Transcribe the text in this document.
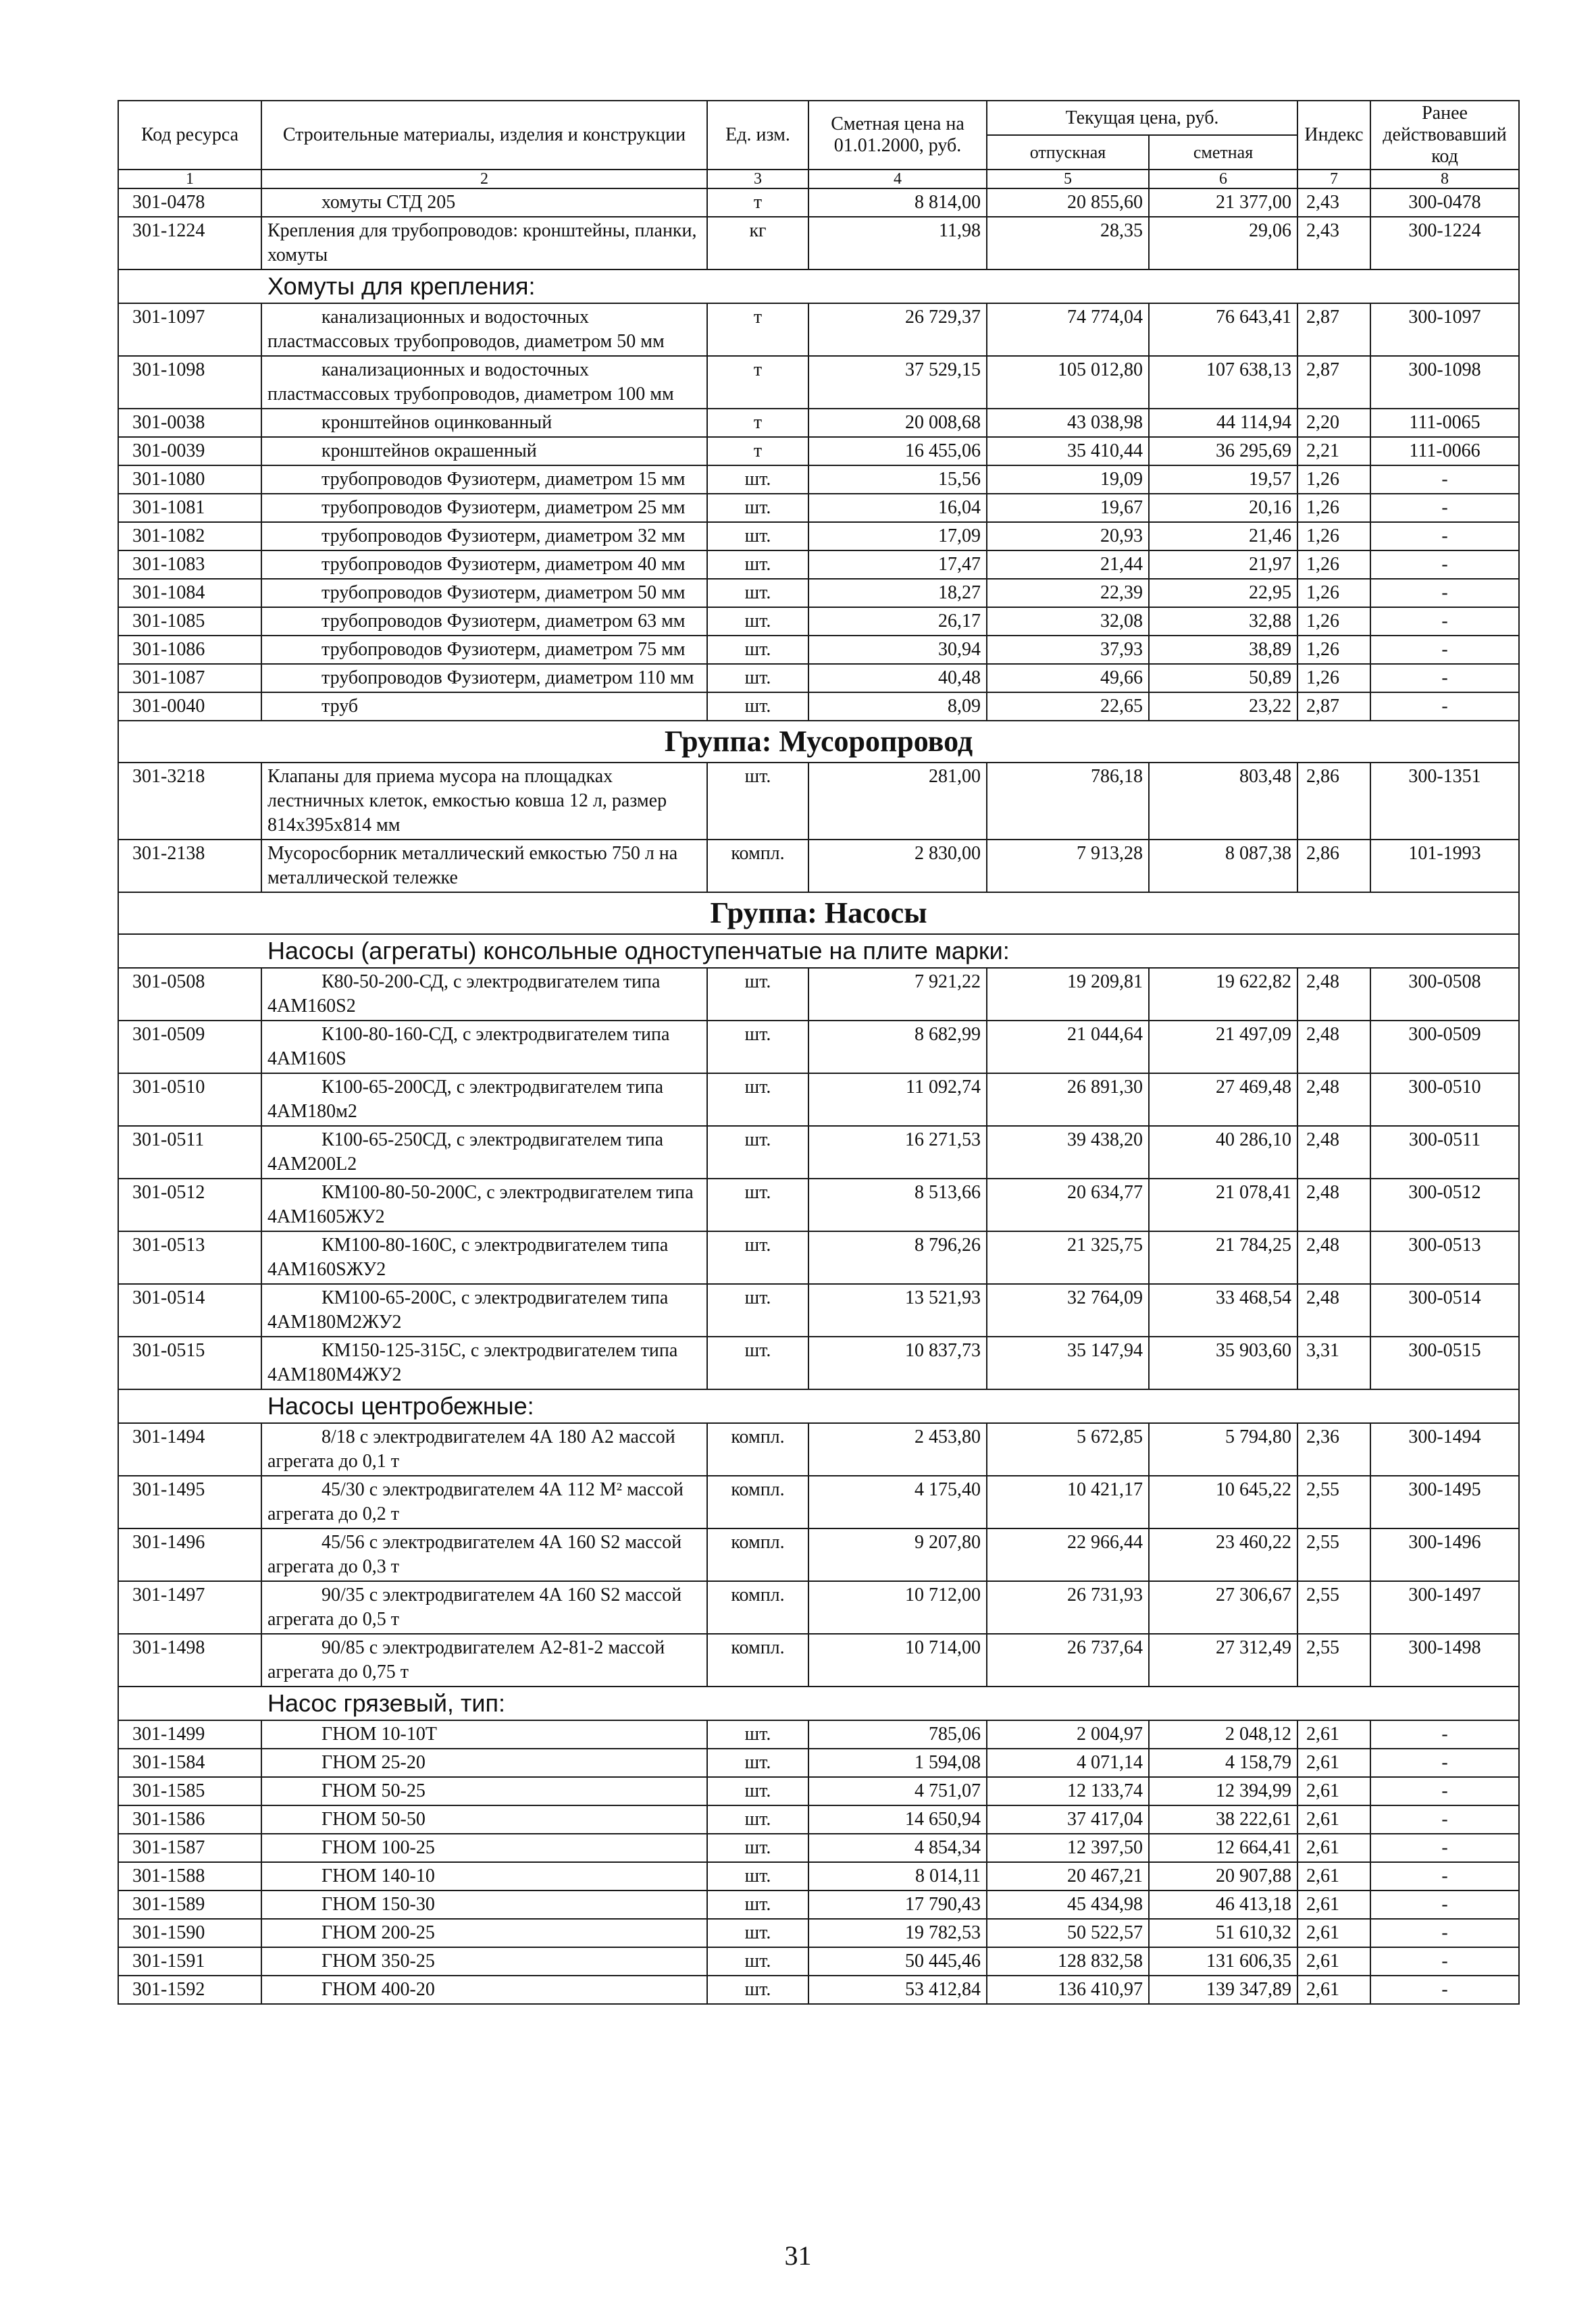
Код ресурса	Строительные материалы, изделия и конструкции	Ед. изм.	Сметная цена на 01.01.2000, руб.	Текущая цена, руб.		Индекс	Ранее действовавший код
				отпускная	сметная		
1	2	3	4	5	6	7	8
301-0478	хомуты СТД 205	т	8 814,00	20 855,60	21 377,00	2,43	300-0478
301-1224	Крепления для трубопроводов: кронштейны, планки, хомуты	кг	11,98	28,35	29,06	2,43	300-1224
Хомуты для крепления:							
301-1097	канализационных и водосточных пластмассовых трубопроводов, диаметром 50 мм	т	26 729,37	74 774,04	76 643,41	2,87	300-1097
301-1098	канализационных и водосточных пластмассовых трубопроводов, диаметром 100 мм	т	37 529,15	105 012,80	107 638,13	2,87	300-1098
301-0038	кронштейнов оцинкованный	т	20 008,68	43 038,98	44 114,94	2,20	111-0065
301-0039	кронштейнов окрашенный	т	16 455,06	35 410,44	36 295,69	2,21	111-0066
301-1080	трубопроводов Фузиотерм, диаметром 15 мм	шт.	15,56	19,09	19,57	1,26	-
301-1081	трубопроводов Фузиотерм, диаметром 25 мм	шт.	16,04	19,67	20,16	1,26	-
301-1082	трубопроводов Фузиотерм, диаметром 32 мм	шт.	17,09	20,93	21,46	1,26	-
301-1083	трубопроводов Фузиотерм, диаметром 40 мм	шт.	17,47	21,44	21,97	1,26	-
301-1084	трубопроводов Фузиотерм, диаметром 50 мм	шт.	18,27	22,39	22,95	1,26	-
301-1085	трубопроводов Фузиотерм, диаметром 63 мм	шт.	26,17	32,08	32,88	1,26	-
301-1086	трубопроводов Фузиотерм, диаметром 75 мм	шт.	30,94	37,93	38,89	1,26	-
301-1087	трубопроводов Фузиотерм, диаметром 110 мм	шт.	40,48	49,66	50,89	1,26	-
301-0040	труб	шт.	8,09	22,65	23,22	2,87	-
Группа: Мусоропровод							
301-3218	Клапаны для приема мусора на площадках лестничных клеток, емкостью ковша 12 л, размер 814x395x814 мм	шт.	281,00	786,18	803,48	2,86	300-1351
301-2138	Мусоросборник металлический емкостью 750 л на металлической тележке	компл.	2 830,00	7 913,28	8 087,38	2,86	101-1993
Группа: Насосы							
Насосы (агрегаты) консольные одноступенчатые на плите марки:							
301-0508	К80-50-200-СД, с электродвигателем типа 4АМ160S2	шт.	7 921,22	19 209,81	19 622,82	2,48	300-0508
301-0509	К100-80-160-СД, с электродвигателем типа 4АМ160S	шт.	8 682,99	21 044,64	21 497,09	2,48	300-0509
301-0510	К100-65-200СД, с электродвигателем типа 4АМ180м2	шт.	11 092,74	26 891,30	27 469,48	2,48	300-0510
301-0511	К100-65-250СД, с электродвигателем типа 4АМ200L2	шт.	16 271,53	39 438,20	40 286,10	2,48	300-0511
301-0512	КМ100-80-50-200С, с электродвигателем типа 4АМ1605ЖУ2	шт.	8 513,66	20 634,77	21 078,41	2,48	300-0512
301-0513	КМ100-80-160С, с электродвигателем типа 4АМ160SЖУ2	шт.	8 796,26	21 325,75	21 784,25	2,48	300-0513
301-0514	КМ100-65-200С, с электродвигателем типа 4АМ180М2ЖУ2	шт.	13 521,93	32 764,09	33 468,54	2,48	300-0514
301-0515	КМ150-125-315С, с электродвигателем типа 4АМ180М4ЖУ2	шт.	10 837,73	35 147,94	35 903,60	3,31	300-0515
Насосы центробежные:							
301-1494	8/18 с электродвигателем 4А 180 А2 массой агрегата до 0,1 т	компл.	2 453,80	5 672,85	5 794,80	2,36	300-1494
301-1495	45/30 с электродвигателем 4А 112 М² массой агрегата до 0,2 т	компл.	4 175,40	10 421,17	10 645,22	2,55	300-1495
301-1496	45/56 с электродвигателем 4А 160 S2 массой агрегата до 0,3 т	компл.	9 207,80	22 966,44	23 460,22	2,55	300-1496
301-1497	90/35 с электродвигателем 4А 160 S2 массой агрегата до 0,5 т	компл.	10 712,00	26 731,93	27 306,67	2,55	300-1497
301-1498	90/85 с электродвигателем А2-81-2 массой агрегата до 0,75 т	компл.	10 714,00	26 737,64	27 312,49	2,55	300-1498
Насос грязевый, тип:							
301-1499	ГНОМ 10-10Т	шт.	785,06	2 004,97	2 048,12	2,61	-
301-1584	ГНОМ 25-20	шт.	1 594,08	4 071,14	4 158,79	2,61	-
301-1585	ГНОМ 50-25	шт.	4 751,07	12 133,74	12 394,99	2,61	-
301-1586	ГНОМ 50-50	шт.	14 650,94	37 417,04	38 222,61	2,61	-
301-1587	ГНОМ 100-25	шт.	4 854,34	12 397,50	12 664,41	2,61	-
301-1588	ГНОМ 140-10	шт.	8 014,11	20 467,21	20 907,88	2,61	-
301-1589	ГНОМ 150-30	шт.	17 790,43	45 434,98	46 413,18	2,61	-
301-1590	ГНОМ 200-25	шт.	19 782,53	50 522,57	51 610,32	2,61	-
301-1591	ГНОМ 350-25	шт.	50 445,46	128 832,58	131 606,35	2,61	-
301-1592	ГНОМ 400-20	шт.	53 412,84	136 410,97	139 347,89	2,61	-
31
